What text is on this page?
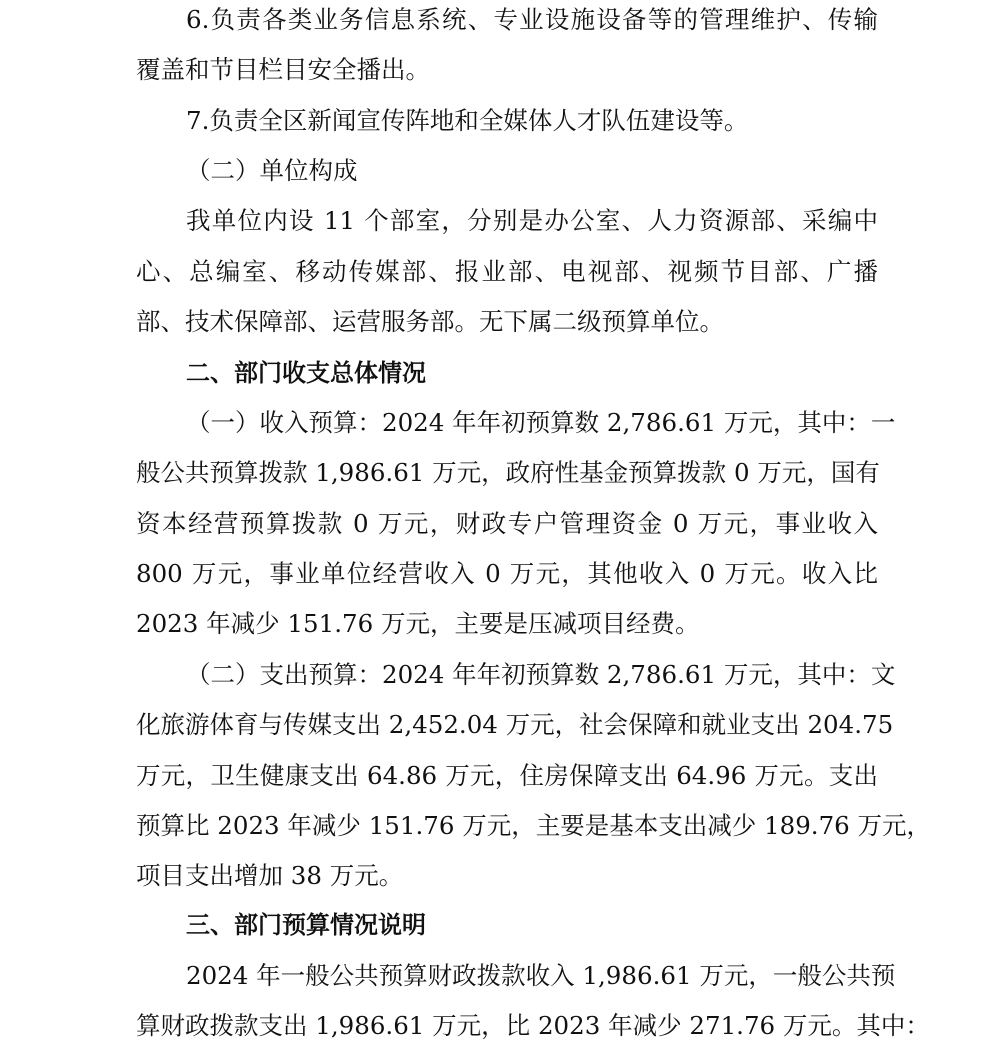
6.负责各类业务信息系统、专业设施设备等的管理维护、传输
覆盖和节目栏目安全播出。
7.负责全区新闻宣传阵地和全媒体人才队伍建设等。
（二）单位构成
我单位内设 11 个部室，分别是办公室、人力资源部、采编中
心、总编室、移动传媒部、报业部、电视部、视频节目部、广播
部、技术保障部、运营服务部。无下属二级预算单位。
二、部门收支总体情况
（一）收入预算：2024 年年初预算数 2,786.61 万元，其中：一
般公共预算拨款 1,986.61 万元，政府性基金预算拨款 0 万元，国有
资本经营预算拨款 0 万元，财政专户管理资金 0 万元，事业收入
800 万元，事业单位经营收入 0 万元，其他收入 0 万元。收入比
2023 年减少 151.76 万元，主要是压减项目经费。
（二）支出预算：2024 年年初预算数 2,786.61 万元，其中：文
化旅游体育与传媒支出 2,452.04 万元，社会保障和就业支出 204.75
万元，卫生健康支出 64.86 万元，住房保障支出 64.96 万元。支出
预算比 2023 年减少 151.76 万元，主要是基本支出减少 189.76 万元，
项目支出增加 38 万元。
三、部门预算情况说明
2024 年一般公共预算财政拨款收入 1,986.61 万元，一般公共预
算财政拨款支出 1,986.61 万元，比 2023 年减少 271.76 万元。其中：
